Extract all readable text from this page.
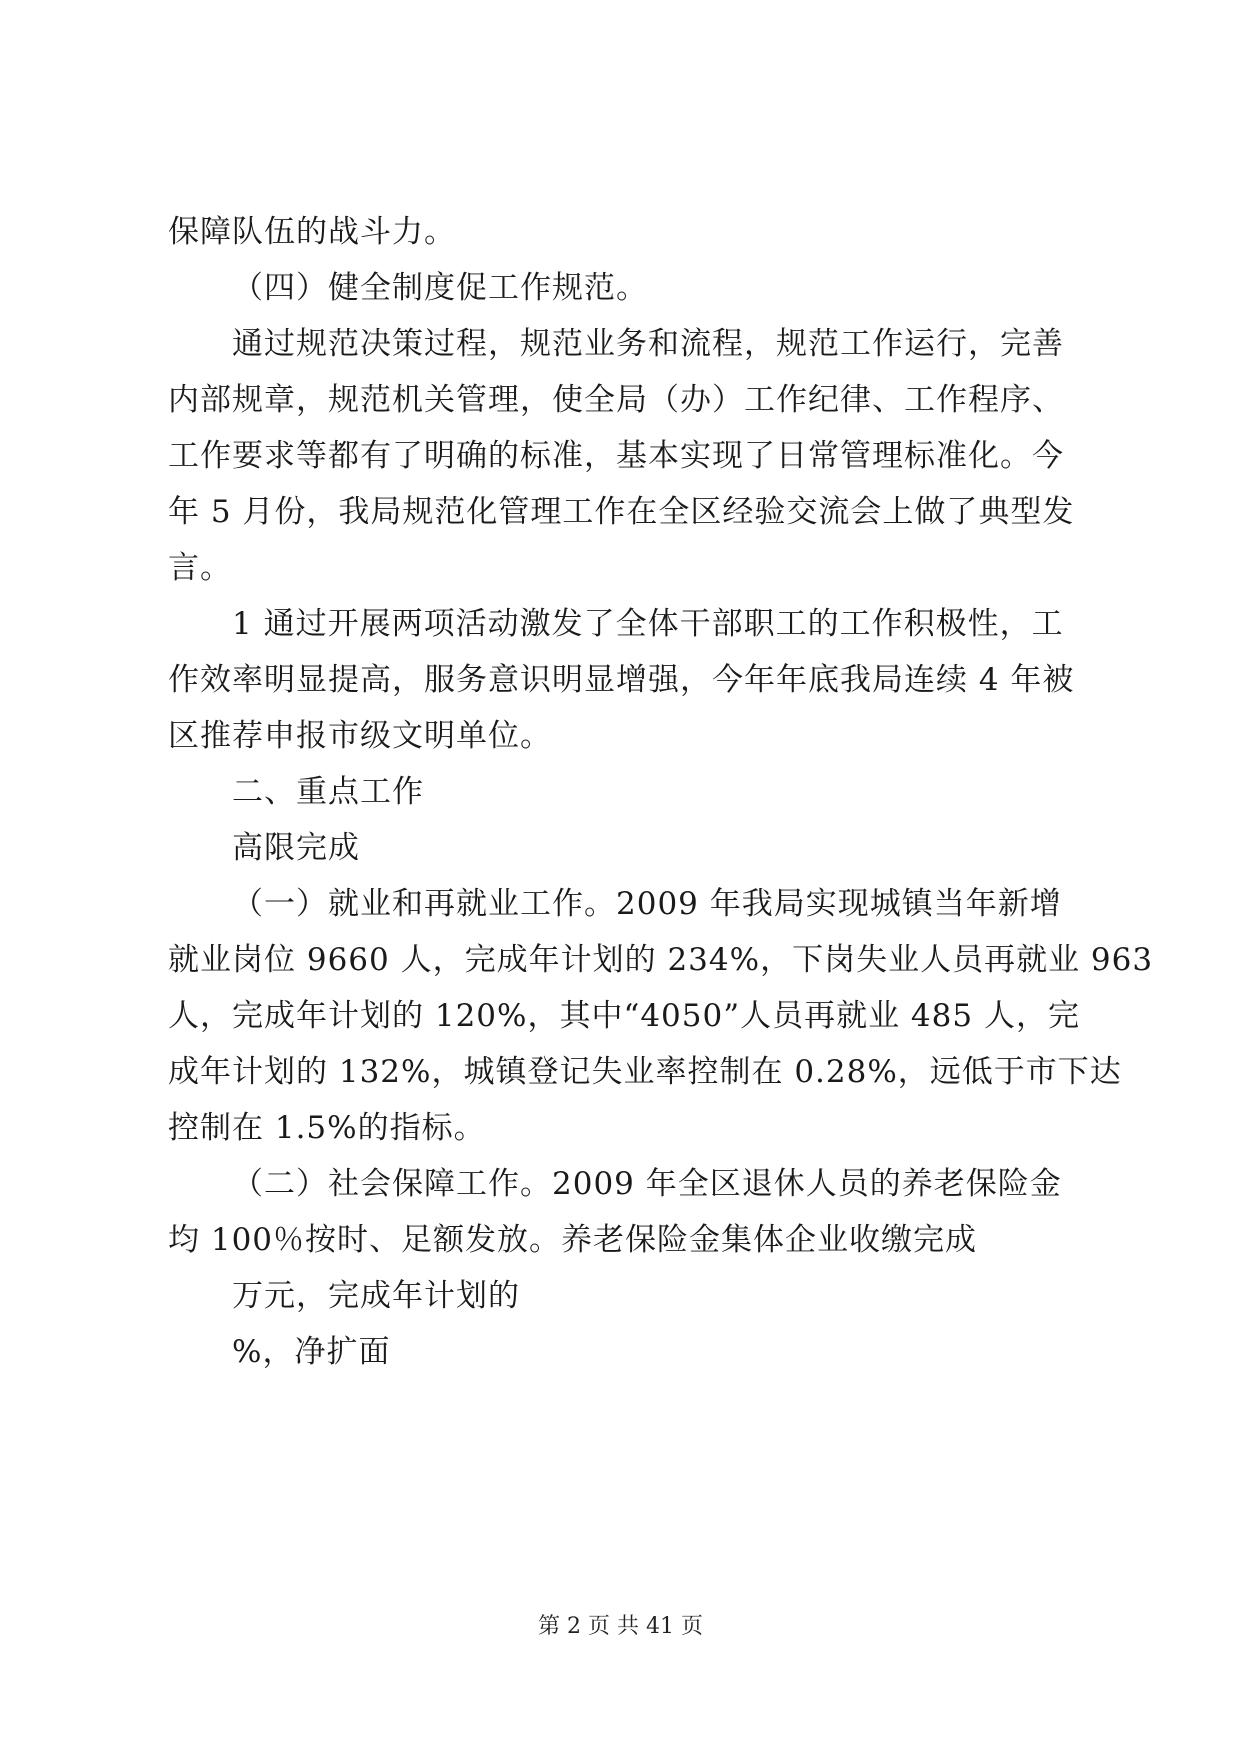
保障队伍的战斗力。
（四）健全制度促工作规范。
通过规范决策过程，规范业务和流程，规范工作运行，完善
内部规章，规范机关管理，使全局（办）工作纪律、工作程序、
工作要求等都有了明确的标准，基本实现了日常管理标准化。今
年 5 月份，我局规范化管理工作在全区经验交流会上做了典型发
言。
1 通过开展两项活动激发了全体干部职工的工作积极性，工
作效率明显提高，服务意识明显增强，今年年底我局连续 4 年被
区推荐申报市级文明单位。
二、重点工作
高限完成
（一）就业和再就业工作。2009 年我局实现城镇当年新增
就业岗位 9660 人，完成年计划的 234%，下岗失业人员再就业 963
人，完成年计划的 120%，其中“4050”人员再就业 485 人，完
成年计划的 132%，城镇登记失业率控制在 0.28%，远低于市下达
控制在 1.5%的指标。
（二）社会保障工作。2009 年全区退休人员的养老保险金
均 100％按时、足额发放。养老保险金集体企业收缴完成
万元，完成年计划的
%，净扩面
第 2 页 共 41 页
